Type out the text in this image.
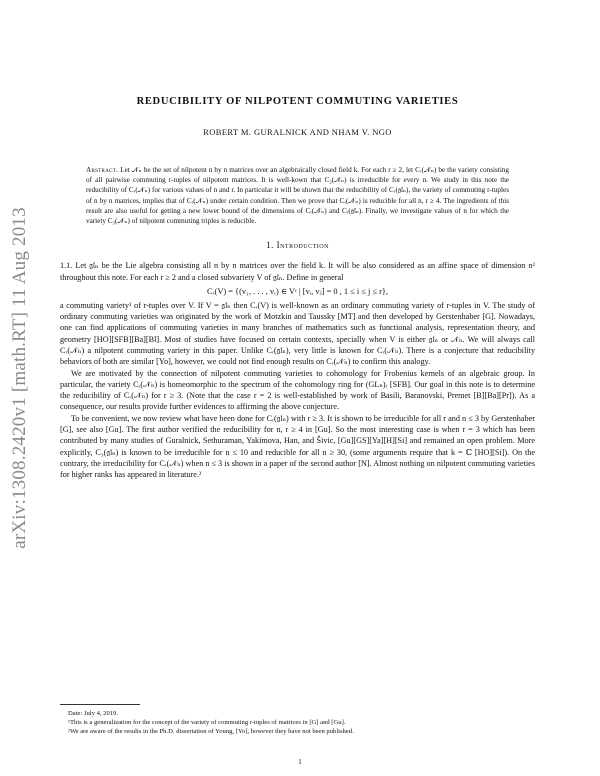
arXiv:1308.2420v1 [math.RT] 11 Aug 2013
REDUCIBILITY OF NILPOTENT COMMUTING VARIETIES
ROBERT M. GURALNICK AND NHAM V. NGO
Abstract. Let 𝒩ₙ be the set of nilpotent n by n matrices over an algebraically closed field k. For each r ≥ 2, let Cᵣ(𝒩ₙ) be the variety consisting of all pairwise commuting r-tuples of nilpotent matrices. It is well-kown that C₂(𝒩ₙ) is irreducible for every n. We study in this note the reducibility of Cᵣ(𝒩ₙ) for various values of n and r. In particular it will be shown that the reducibility of Cᵣ(𝔤𝔩ₙ), the variety of commuting r-tuples of n by n matrices, implies that of Cᵣ(𝒩ₙ) under certain condition. Then we prove that Cᵣ(𝒩ₙ) is reducible for all n, r ≥ 4. The ingredients of this result are also useful for getting a new lower bound of the dimensions of Cᵣ(𝒩ₙ) and Cᵣ(𝔤𝔩ₙ). Finally, we investigate values of n for which the variety C₃(𝒩ₙ) of nilpotent commuting triples is reducible.
1. Introduction

1.1. Let 𝔤𝔩ₙ be the Lie algebra consisting all n by n matrices over the field k. It will be also considered as an affine space of dimension n² throughout this note. For each r ≥ 2 and a closed subvariety V of 𝔤𝔩ₙ. Define in general

Cᵣ(V) = {(v₁, . . . , vᵣ) ∈ Vʳ | [vᵢ, vⱼ] = 0 , 1 ≤ i ≤ j ≤ r},

a commuting variety¹ of r-tuples over V. If V = 𝔤𝔩ₙ then Cᵣ(V) is well-known as an ordinary commuting variety of r-tuples in V. The study of ordinary commuting varieties was originated by the work of Motzkin and Taussky [MT] and then developed by Gerstenhaber [G]. Nowadays, one can find applications of commuting varieties in many branches of mathematics such as functional analysis, representation theory, and geometry [HO][SFB][Ba][Bl]. Most of studies have focused on certain contexts, specially when V is either 𝔤𝔩ₙ or 𝒩ₙ. We will always call Cᵣ(𝒩ₙ) a nilpotent commuting variety in this paper. Unlike Cᵣ(𝔤𝔩ₙ), very little is known for Cᵣ(𝒩ₙ). There is a conjecture that reducibility behaviors of both are similar [Yo], however, we could not find enough results on Cᵣ(𝒩ₙ) to confirm this analogy.

We are motivated by the connection of nilpotent commuting varieties to cohomology for Frobenius kernels of an algebraic group. In particular, the variety Cᵣ(𝒩ₙ) is homeomorphic to the spectrum of the cohomology ring for (GLₙ)ᵣ [SFB]. Our goal in this note is to determine the reducibility of Cᵣ(𝒩ₙ) for r ≥ 3. (Note that the case r = 2 is well-established by work of Basili, Baranovski, Premet [B][Ba][Pr]). As a consequence, our results provide further evidences to affirming the above conjecture.

To be convenient, we now review what have been done for Cᵣ(𝔤𝔩ₙ) with r ≥ 3. It is shown to be irreducible for all r and n ≤ 3 by Gerstenhaber [G], see also [Gu]. The first author verified the reducibility for n, r ≥ 4 in [Gu]. So the most interesting case is when r = 3 which has been contributed by many studies of Guralnick, Sethuraman, Yakimova, Han, and Šivic, [Gu][GS][Ya][H][Si] and remained an open problem. More explicitly, C₃(𝔤𝔩ₙ) is known to be irreducible for n ≤ 10 and reducible for all n ≥ 30, (some arguments require that k = ℂ [HO][Si]). On the contrary, the irreducibility for Cᵣ(𝒩ₙ) when n ≤ 3 is shown in a paper of the second author [N]. Almost nothing on nilpotent commuting varieties for higher ranks has appeared in literature.²

Date: July 4, 2019.
¹This is a generalization for the concept of the variety of commuting r-tuples of matrices in [G] and [Gu].
²We are aware of the results in the Ph.D. dissertation of Young, [Yo], however they have not been published.
1
